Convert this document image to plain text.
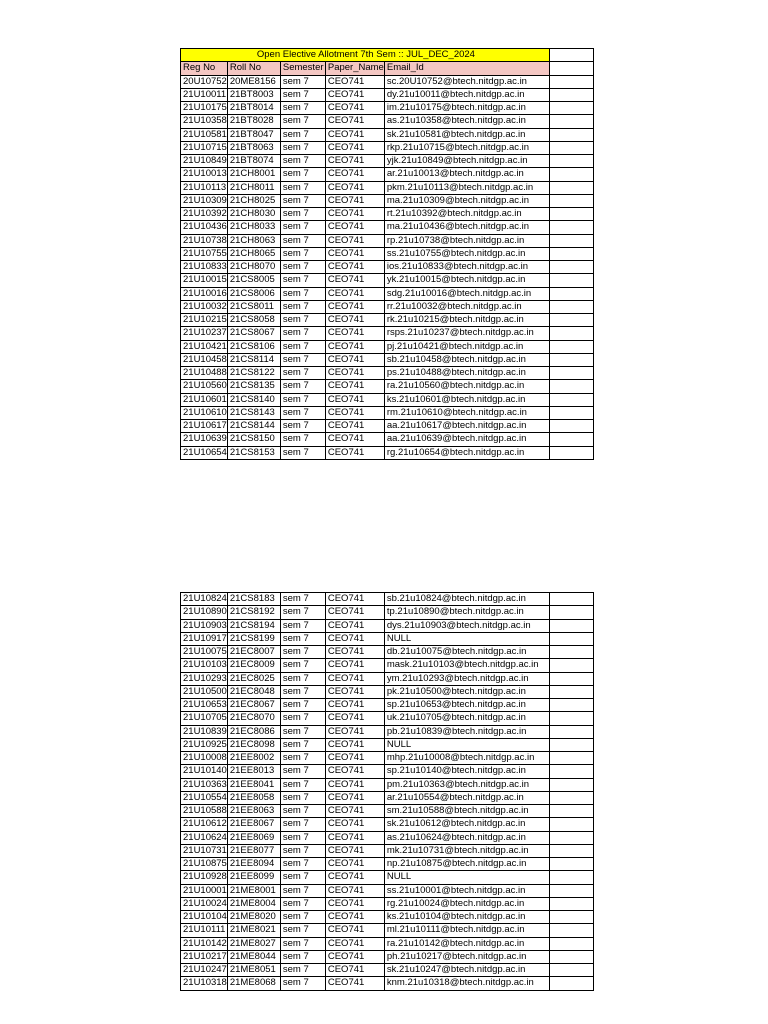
Open Elective Allotment 7th Sem :: JUL_DEC_2024					
Reg No	Roll No	Semester	Paper_Name	Email_Id	
20U10752	20ME8156	sem 7	CEO741	sc.20U10752@btech.nitdgp.ac.in	
21U10011	21BT8003	sem 7	CEO741	dy.21u10011@btech.nitdgp.ac.in	
21U10175	21BT8014	sem 7	CEO741	im.21u10175@btech.nitdgp.ac.in	
21U10358	21BT8028	sem 7	CEO741	as.21u10358@btech.nitdgp.ac.in	
21U10581	21BT8047	sem 7	CEO741	sk.21u10581@btech.nitdgp.ac.in	
21U10715	21BT8063	sem 7	CEO741	rkp.21u10715@btech.nitdgp.ac.in	
21U10849	21BT8074	sem 7	CEO741	yjk.21u10849@btech.nitdgp.ac.in	
21U10013	21CH8001	sem 7	CEO741	ar.21u10013@btech.nitdgp.ac.in	
21U10113	21CH8011	sem 7	CEO741	pkm.21u10113@btech.nitdgp.ac.in	
21U10309	21CH8025	sem 7	CEO741	ma.21u10309@btech.nitdgp.ac.in	
21U10392	21CH8030	sem 7	CEO741	rt.21u10392@btech.nitdgp.ac.in	
21U10436	21CH8033	sem 7	CEO741	ma.21u10436@btech.nitdgp.ac.in	
21U10738	21CH8063	sem 7	CEO741	rp.21u10738@btech.nitdgp.ac.in	
21U10755	21CH8065	sem 7	CEO741	ss.21u10755@btech.nitdgp.ac.in	
21U10833	21CH8070	sem 7	CEO741	ios.21u10833@btech.nitdgp.ac.in	
21U10015	21CS8005	sem 7	CEO741	yk.21u10015@btech.nitdgp.ac.in	
21U10016	21CS8006	sem 7	CEO741	sdg.21u10016@btech.nitdgp.ac.in	
21U10032	21CS8011	sem 7	CEO741	rr.21u10032@btech.nitdgp.ac.in	
21U10215	21CS8058	sem 7	CEO741	rk.21u10215@btech.nitdgp.ac.in	
21U10237	21CS8067	sem 7	CEO741	rsps.21u10237@btech.nitdgp.ac.in	
21U10421	21CS8106	sem 7	CEO741	pj.21u10421@btech.nitdgp.ac.in	
21U10458	21CS8114	sem 7	CEO741	sb.21u10458@btech.nitdgp.ac.in	
21U10488	21CS8122	sem 7	CEO741	ps.21u10488@btech.nitdgp.ac.in	
21U10560	21CS8135	sem 7	CEO741	ra.21u10560@btech.nitdgp.ac.in	
21U10601	21CS8140	sem 7	CEO741	ks.21u10601@btech.nitdgp.ac.in	
21U10610	21CS8143	sem 7	CEO741	rm.21u10610@btech.nitdgp.ac.in	
21U10617	21CS8144	sem 7	CEO741	aa.21u10617@btech.nitdgp.ac.in	
21U10639	21CS8150	sem 7	CEO741	aa.21u10639@btech.nitdgp.ac.in	
21U10654	21CS8153	sem 7	CEO741	rg.21u10654@btech.nitdgp.ac.in	
21U10824	21CS8183	sem 7	CEO741	sb.21u10824@btech.nitdgp.ac.in	
21U10890	21CS8192	sem 7	CEO741	tp.21u10890@btech.nitdgp.ac.in	
21U10903	21CS8194	sem 7	CEO741	dys.21u10903@btech.nitdgp.ac.in	
21U10917	21CS8199	sem 7	CEO741	NULL	
21U10075	21EC8007	sem 7	CEO741	db.21u10075@btech.nitdgp.ac.in	
21U10103	21EC8009	sem 7	CEO741	mask.21u10103@btech.nitdgp.ac.in	
21U10293	21EC8025	sem 7	CEO741	ym.21u10293@btech.nitdgp.ac.in	
21U10500	21EC8048	sem 7	CEO741	pk.21u10500@btech.nitdgp.ac.in	
21U10653	21EC8067	sem 7	CEO741	sp.21u10653@btech.nitdgp.ac.in	
21U10705	21EC8070	sem 7	CEO741	uk.21u10705@btech.nitdgp.ac.in	
21U10839	21EC8086	sem 7	CEO741	pb.21u10839@btech.nitdgp.ac.in	
21U10925	21EC8098	sem 7	CEO741	NULL	
21U10008	21EE8002	sem 7	CEO741	mhp.21u10008@btech.nitdgp.ac.in	
21U10140	21EE8013	sem 7	CEO741	sp.21u10140@btech.nitdgp.ac.in	
21U10363	21EE8041	sem 7	CEO741	pm.21u10363@btech.nitdgp.ac.in	
21U10554	21EE8058	sem 7	CEO741	ar.21u10554@btech.nitdgp.ac.in	
21U10588	21EE8063	sem 7	CEO741	sm.21u10588@btech.nitdgp.ac.in	
21U10612	21EE8067	sem 7	CEO741	sk.21u10612@btech.nitdgp.ac.in	
21U10624	21EE8069	sem 7	CEO741	as.21u10624@btech.nitdgp.ac.in	
21U10731	21EE8077	sem 7	CEO741	mk.21u10731@btech.nitdgp.ac.in	
21U10875	21EE8094	sem 7	CEO741	np.21u10875@btech.nitdgp.ac.in	
21U10928	21EE8099	sem 7	CEO741	NULL	
21U10001	21ME8001	sem 7	CEO741	ss.21u10001@btech.nitdgp.ac.in	
21U10024	21ME8004	sem 7	CEO741	rg.21u10024@btech.nitdgp.ac.in	
21U10104	21ME8020	sem 7	CEO741	ks.21u10104@btech.nitdgp.ac.in	
21U10111	21ME8021	sem 7	CEO741	ml.21u10111@btech.nitdgp.ac.in	
21U10142	21ME8027	sem 7	CEO741	ra.21u10142@btech.nitdgp.ac.in	
21U10217	21ME8044	sem 7	CEO741	ph.21u10217@btech.nitdgp.ac.in	
21U10247	21ME8051	sem 7	CEO741	sk.21u10247@btech.nitdgp.ac.in	
21U10318	21ME8068	sem 7	CEO741	knm.21u10318@btech.nitdgp.ac.in	
